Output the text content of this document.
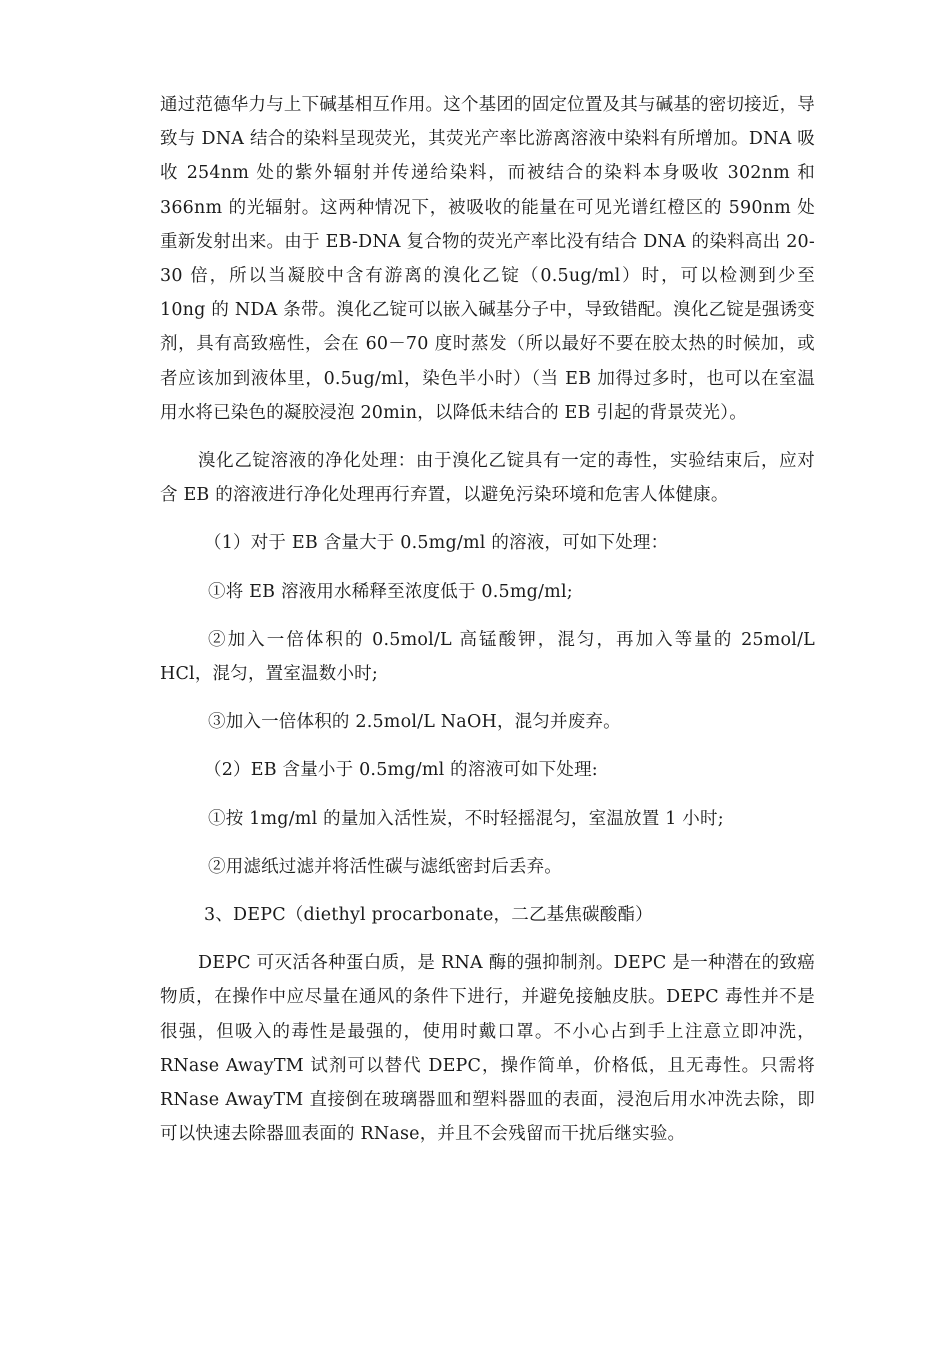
通过范德华力与上下碱基相互作用。这个基团的固定位置及其与碱基的密切接近，导致与 DNA 结合的染料呈现荧光，其荧光产率比游离溶液中染料有所增加。DNA 吸收 254nm 处的紫外辐射并传递给染料，而被结合的染料本身吸收 302nm 和 366nm 的光辐射。这两种情况下，被吸收的能量在可见光谱红橙区的 590nm 处重新发射出来。由于 EB-DNA 复合物的荧光产率比没有结合 DNA 的染料高出 20-30 倍，所以当凝胶中含有游离的溴化乙锭（0.5ug/ml）时，可以检测到少至 10ng 的 NDA 条带。溴化乙锭可以嵌入碱基分子中，导致错配。溴化乙锭是强诱变剂，具有高致癌性，会在 60－70 度时蒸发（所以最好不要在胶太热的时候加，或者应该加到液体里，0.5ug/ml，染色半小时）（当 EB 加得过多时，也可以在室温用水将已染色的凝胶浸泡 20min，以降低未结合的 EB 引起的背景荧光）。

溴化乙锭溶液的净化处理：由于溴化乙锭具有一定的毒性，实验结束后，应对含 EB 的溶液进行净化处理再行弃置，以避免污染环境和危害人体健康。

（1）对于 EB 含量大于 0.5mg/ml 的溶液，可如下处理：

①将 EB 溶液用水稀释至浓度低于 0.5mg/ml;

②加入一倍体积的 0.5mol/L 高锰酸钾，混匀，再加入等量的 25mol/L HCl，混匀，置室温数小时;

③加入一倍体积的 2.5mol/L NaOH，混匀并废弃。

（2）EB 含量小于 0.5mg/ml 的溶液可如下处理:

①按 1mg/ml 的量加入活性炭，不时轻摇混匀，室温放置 1 小时;

②用滤纸过滤并将活性碳与滤纸密封后丢弃。

3、DEPC（diethyl procarbonate，二乙基焦碳酸酯）

DEPC 可灭活各种蛋白质，是 RNA 酶的强抑制剂。DEPC 是一种潜在的致癌物质，在操作中应尽量在通风的条件下进行，并避免接触皮肤。DEPC 毒性并不是很强，但吸入的毒性是最强的，使用时戴口罩。不小心占到手上注意立即冲洗，RNase AwayTM 试剂可以替代 DEPC，操作简单，价格低，且无毒性。只需将 RNase AwayTM 直接倒在玻璃器皿和塑料器皿的表面，浸泡后用水冲洗去除，即可以快速去除器皿表面的 RNase，并且不会残留而干扰后继实验。
